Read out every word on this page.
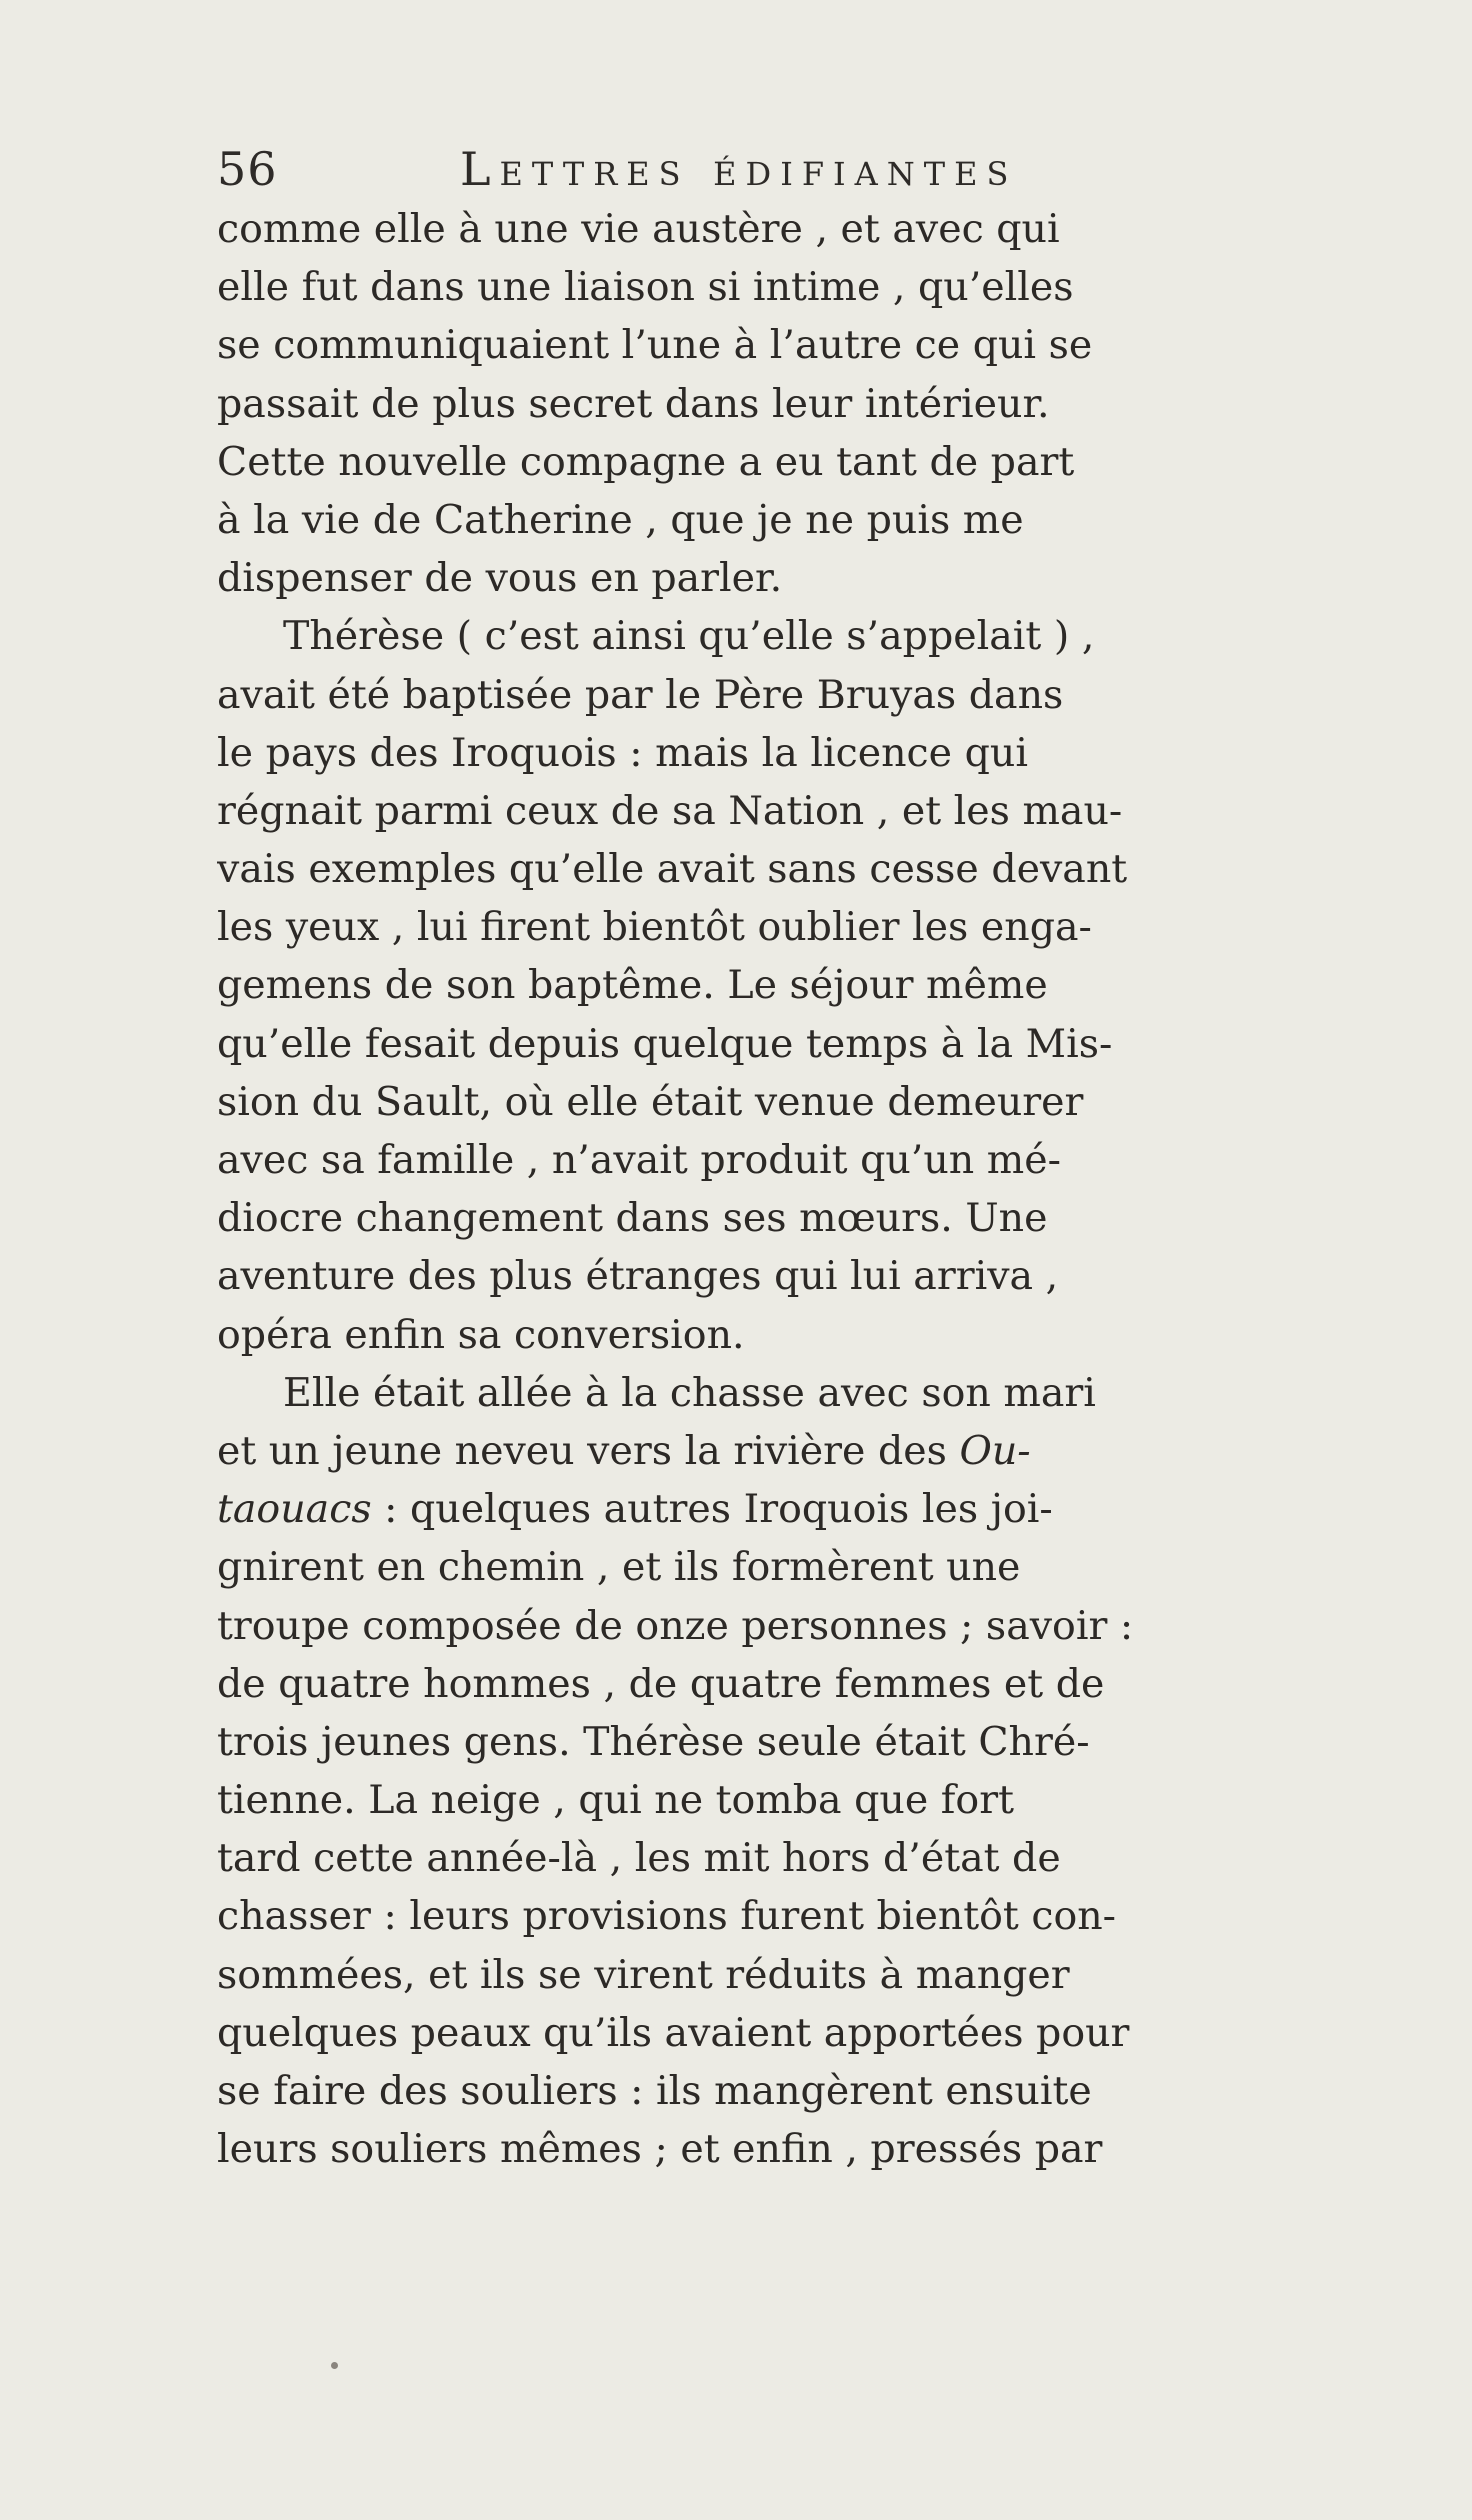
56	Lettres édifiantes
comme elle à une vie austère , et avec qui
elle fut dans une liaison si intime , qu’elles
se communiquaient l’une à l’autre ce qui se
passait de plus secret dans leur intérieur.
Cette nouvelle compagne a eu tant de part
à la vie de Catherine , que je ne puis me
dispenser de vous en parler.
Thérèse ( c’est ainsi qu’elle s’appelait ) ,
avait été baptisée par le Père Bruyas dans
le pays des Iroquois : mais la licence qui
régnait parmi ceux de sa Nation , et les mau-
vais exemples qu’elle avait sans cesse devant
les yeux , lui firent bientôt oublier les enga-
gemens de son baptême. Le séjour même
qu’elle fesait depuis quelque temps à la Mis-
sion du Sault, où elle était venue demeurer
avec sa famille , n’avait produit qu’un mé-
diocre changement dans ses mœurs. Une
aventure des plus étranges qui lui arriva ,
opéra enfin sa conversion.
Elle était allée à la chasse avec son mari
et un jeune neveu vers la rivière des Ou-
taouacs : quelques autres Iroquois les joi-
gnirent en chemin , et ils formèrent une
troupe composée de onze personnes ; savoir :
de quatre hommes , de quatre femmes et de
trois jeunes gens. Thérèse seule était Chré-
tienne. La neige , qui ne tomba que fort
tard cette année-là , les mit hors d’état de
chasser : leurs provisions furent bientôt con-
sommées, et ils se virent réduits à manger
quelques peaux qu’ils avaient apportées pour
se faire des souliers : ils mangèrent ensuite
leurs souliers mêmes ; et enfin , pressés par
